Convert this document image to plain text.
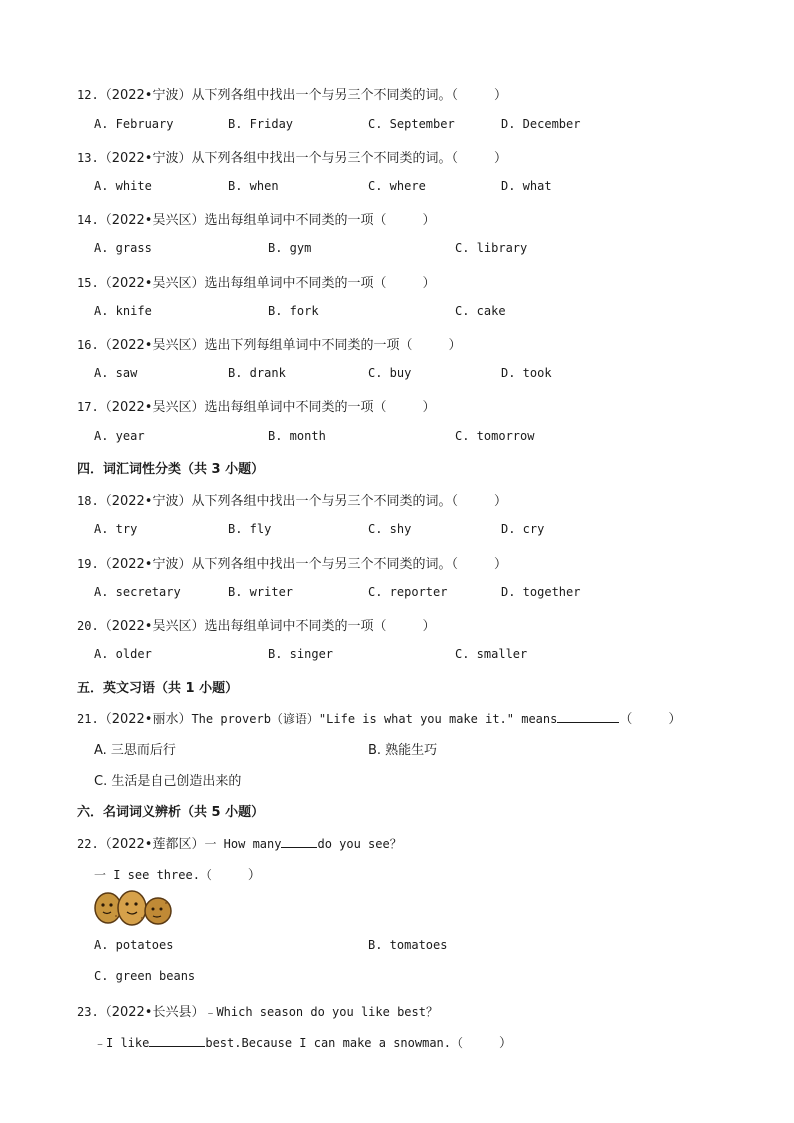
12.（2022•宁波）从下列各组中找出一个与另三个不同类的词。（	）
A. February	B. Friday	C. September	D. December
13.（2022•宁波）从下列各组中找出一个与另三个不同类的词。（	）
A. white	B. when	C. where	D. what
14.（2022•吴兴区）选出每组单词中不同类的一项（	）
A. grass	B. gym	C. library
15.（2022•吴兴区）选出每组单词中不同类的一项（	）
A. knife	B. fork	C. cake
16.（2022•吴兴区）选出下列每组单词中不同类的一项（	）
A. saw	B. drank	C. buy	D. took
17.（2022•吴兴区）选出每组单词中不同类的一项（	）
A. year	B. month	C. tomorrow
四．词汇词性分类（共 3 小题）
18.（2022•宁波）从下列各组中找出一个与另三个不同类的词。（	）
A. try	B. fly	C. shy	D. cry
19.（2022•宁波）从下列各组中找出一个与另三个不同类的词。（	）
A. secretary	B. writer	C. reporter	D. together
20.（2022•吴兴区）选出每组单词中不同类的一项（	）
A. older	B. singer	C. smaller
五．英文习语（共 1 小题）
21.（2022•丽水）The proverb（谚语）"Life is what you make it." means	（	）
A. 三思而后行	B. 熟能生巧
C. 生活是自己创造出来的
六．名词词义辨析（共 5 小题）
22.（2022•莲都区）一 How many	do you see？
一 I see three.（	）
A. potatoes	B. tomatoes
C. green beans
23.（2022•长兴县）﹣Which season do you like best？
﹣I like	best.Because I can make a snowman.（	）
